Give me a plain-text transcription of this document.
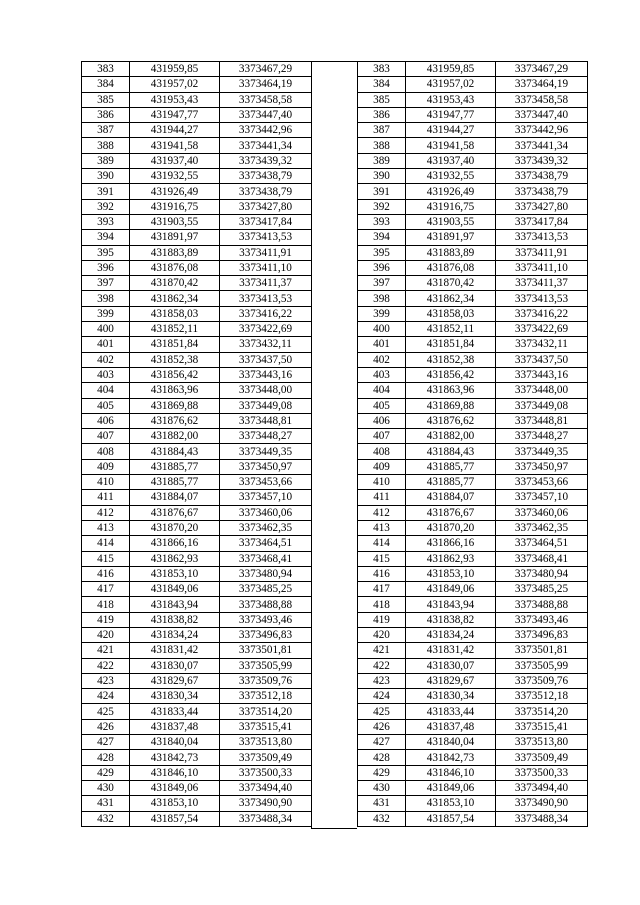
383	431959,85	3373467,29
384	431957,02	3373464,19
385	431953,43	3373458,58
386	431947,77	3373447,40
387	431944,27	3373442,96
388	431941,58	3373441,34
389	431937,40	3373439,32
390	431932,55	3373438,79
391	431926,49	3373438,79
392	431916,75	3373427,80
393	431903,55	3373417,84
394	431891,97	3373413,53
395	431883,89	3373411,91
396	431876,08	3373411,10
397	431870,42	3373411,37
398	431862,34	3373413,53
399	431858,03	3373416,22
400	431852,11	3373422,69
401	431851,84	3373432,11
402	431852,38	3373437,50
403	431856,42	3373443,16
404	431863,96	3373448,00
405	431869,88	3373449,08
406	431876,62	3373448,81
407	431882,00	3373448,27
408	431884,43	3373449,35
409	431885,77	3373450,97
410	431885,77	3373453,66
411	431884,07	3373457,10
412	431876,67	3373460,06
413	431870,20	3373462,35
414	431866,16	3373464,51
415	431862,93	3373468,41
416	431853,10	3373480,94
417	431849,06	3373485,25
418	431843,94	3373488,88
419	431838,82	3373493,46
420	431834,24	3373496,83
421	431831,42	3373501,81
422	431830,07	3373505,99
423	431829,67	3373509,76
424	431830,34	3373512,18
425	431833,44	3373514,20
426	431837,48	3373515,41
427	431840,04	3373513,80
428	431842,73	3373509,49
429	431846,10	3373500,33
430	431849,06	3373494,40
431	431853,10	3373490,90
432	431857,54	3373488,34
383	431959,85	3373467,29
384	431957,02	3373464,19
385	431953,43	3373458,58
386	431947,77	3373447,40
387	431944,27	3373442,96
388	431941,58	3373441,34
389	431937,40	3373439,32
390	431932,55	3373438,79
391	431926,49	3373438,79
392	431916,75	3373427,80
393	431903,55	3373417,84
394	431891,97	3373413,53
395	431883,89	3373411,91
396	431876,08	3373411,10
397	431870,42	3373411,37
398	431862,34	3373413,53
399	431858,03	3373416,22
400	431852,11	3373422,69
401	431851,84	3373432,11
402	431852,38	3373437,50
403	431856,42	3373443,16
404	431863,96	3373448,00
405	431869,88	3373449,08
406	431876,62	3373448,81
407	431882,00	3373448,27
408	431884,43	3373449,35
409	431885,77	3373450,97
410	431885,77	3373453,66
411	431884,07	3373457,10
412	431876,67	3373460,06
413	431870,20	3373462,35
414	431866,16	3373464,51
415	431862,93	3373468,41
416	431853,10	3373480,94
417	431849,06	3373485,25
418	431843,94	3373488,88
419	431838,82	3373493,46
420	431834,24	3373496,83
421	431831,42	3373501,81
422	431830,07	3373505,99
423	431829,67	3373509,76
424	431830,34	3373512,18
425	431833,44	3373514,20
426	431837,48	3373515,41
427	431840,04	3373513,80
428	431842,73	3373509,49
429	431846,10	3373500,33
430	431849,06	3373494,40
431	431853,10	3373490,90
432	431857,54	3373488,34
